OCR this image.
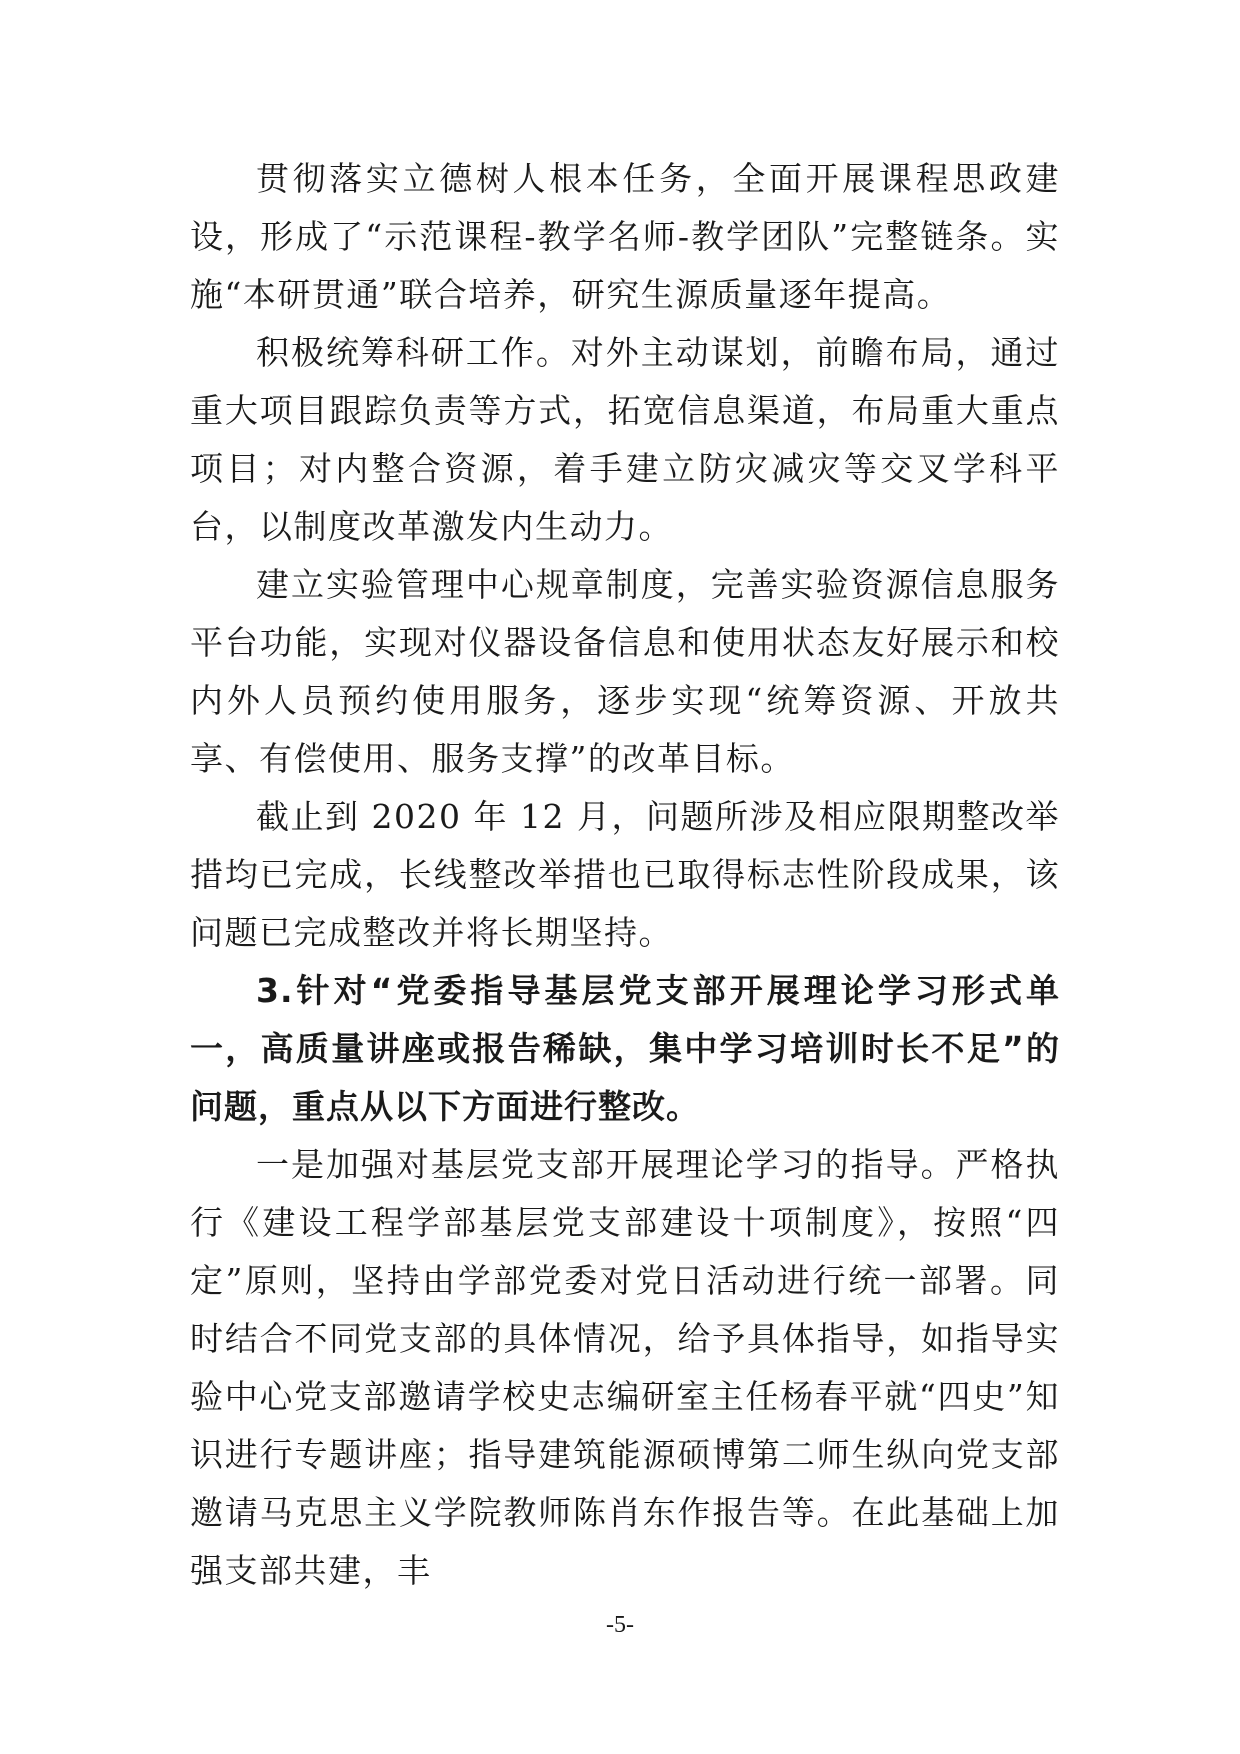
贯彻落实立德树人根本任务，全面开展课程思政建设，形成了“示范课程-教学名师-教学团队”完整链条。实施“本研贯通”联合培养，研究生源质量逐年提高。

积极统筹科研工作。对外主动谋划，前瞻布局，通过重大项目跟踪负责等方式，拓宽信息渠道，布局重大重点项目；对内整合资源，着手建立防灾减灾等交叉学科平台，以制度改革激发内生动力。

建立实验管理中心规章制度，完善实验资源信息服务平台功能，实现对仪器设备信息和使用状态友好展示和校内外人员预约使用服务，逐步实现“统筹资源、开放共享、有偿使用、服务支撑”的改革目标。

截止到 2020 年 12 月，问题所涉及相应限期整改举措均已完成，长线整改举措也已取得标志性阶段成果，该问题已完成整改并将长期坚持。

3.针对“党委指导基层党支部开展理论学习形式单一，高质量讲座或报告稀缺，集中学习培训时长不足”的问题，重点从以下方面进行整改。

一是加强对基层党支部开展理论学习的指导。严格执行《建设工程学部基层党支部建设十项制度》，按照“四定”原则，坚持由学部党委对党日活动进行统一部署。同时结合不同党支部的具体情况，给予具体指导，如指导实验中心党支部邀请学校史志编研室主任杨春平就“四史”知识进行专题讲座；指导建筑能源硕博第二师生纵向党支部邀请马克思主义学院教师陈肖东作报告等。在此基础上加强支部共建，丰

-5-
